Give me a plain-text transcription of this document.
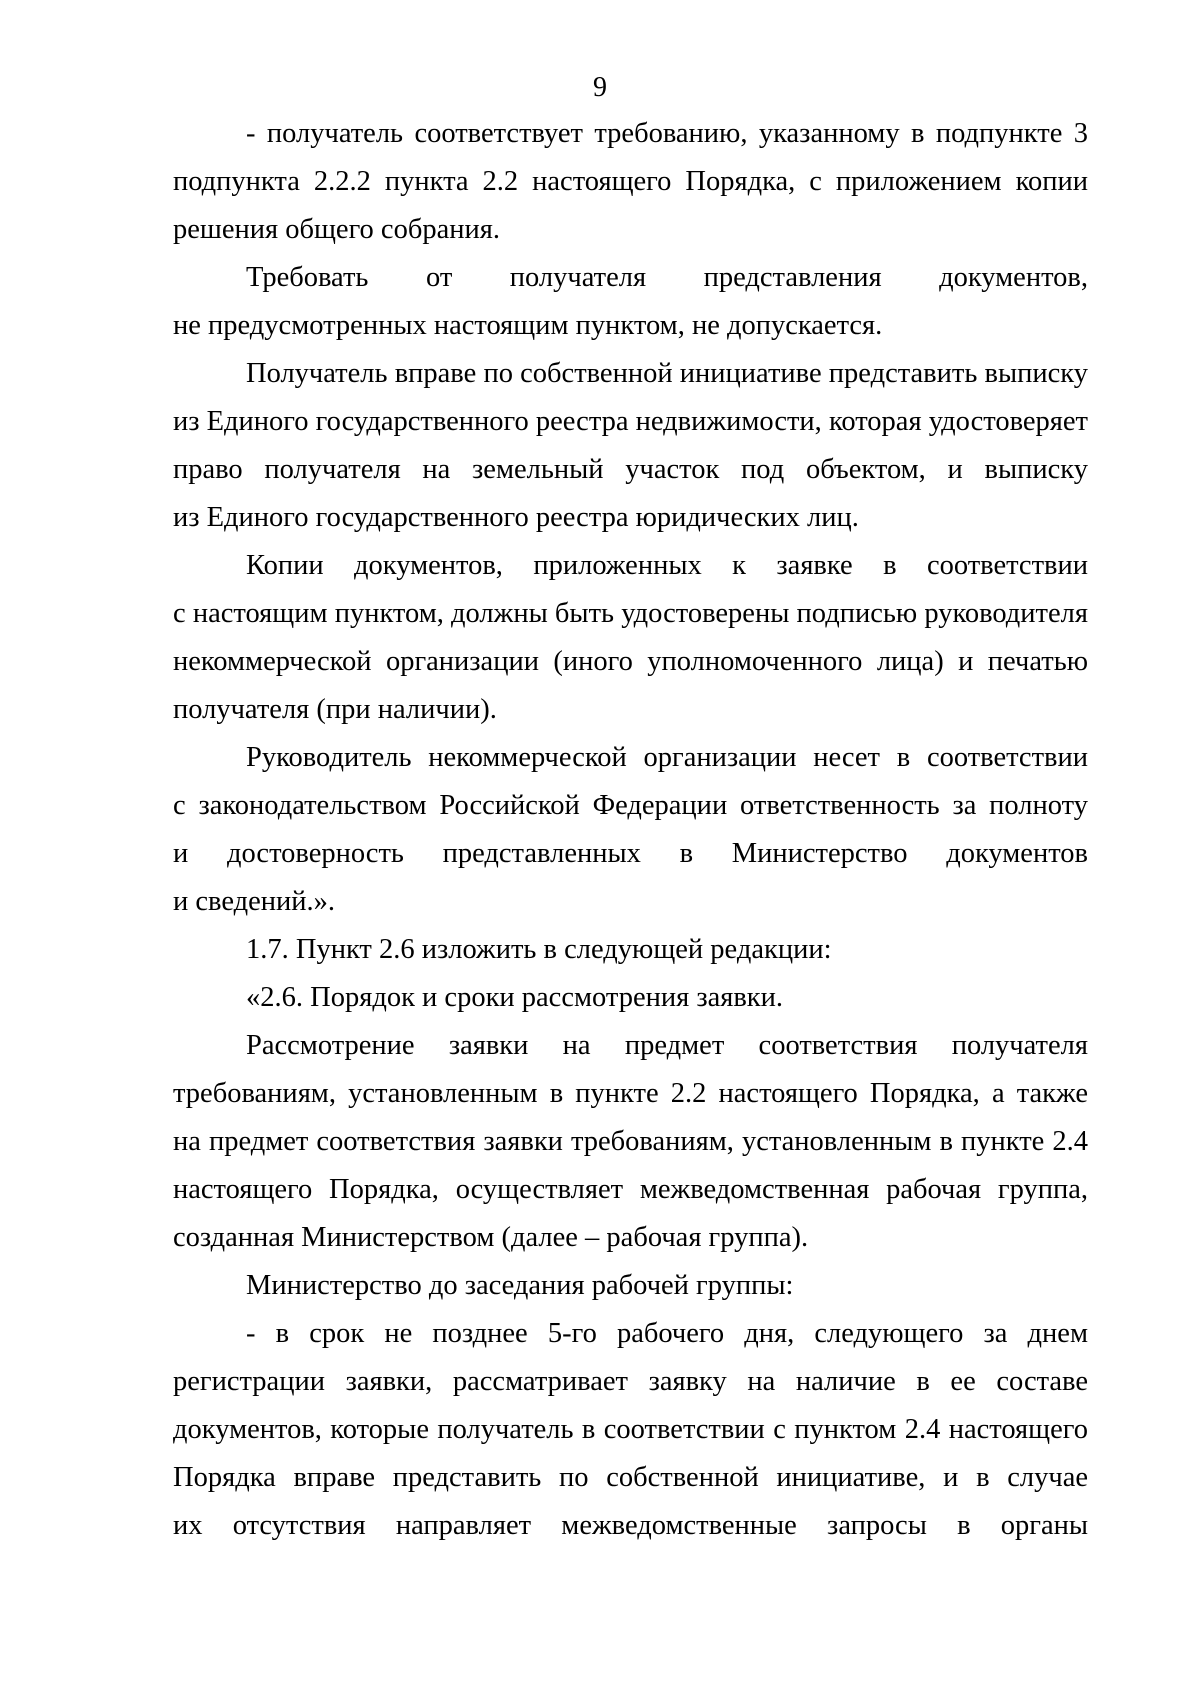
9
- получатель соответствует требованию, указанному в подпункте 3
подпункта 2.2.2 пункта 2.2 настоящего Порядка, с приложением копии
решения общего собрания.
Требовать от получателя представления документов,
не предусмотренных настоящим пунктом, не допускается.
Получатель вправе по собственной инициативе представить выписку
из Единого государственного реестра недвижимости, которая удостоверяет
право получателя на земельный участок под объектом, и выписку
из Единого государственного реестра юридических лиц.
Копии документов, приложенных к заявке в соответствии
с настоящим пунктом, должны быть удостоверены подписью руководителя
некоммерческой организации (иного уполномоченного лица) и печатью
получателя (при наличии).
Руководитель некоммерческой организации несет в соответствии
с законодательством Российской Федерации ответственность за полноту
и достоверность представленных в Министерство документов
и сведений.».
1.7. Пункт 2.6 изложить в следующей редакции:
«2.6. Порядок и сроки рассмотрения заявки.
Рассмотрение заявки на предмет соответствия получателя
требованиям, установленным в пункте 2.2 настоящего Порядка, а также
на предмет соответствия заявки требованиям, установленным в пункте 2.4
настоящего Порядка, осуществляет межведомственная рабочая группа,
созданная Министерством (далее – рабочая группа).
Министерство до заседания рабочей группы:
- в срок не позднее 5-го рабочего дня, следующего за днем
регистрации заявки, рассматривает заявку на наличие в ее составе
документов, которые получатель в соответствии с пунктом 2.4 настоящего
Порядка вправе представить по собственной инициативе, и в случае
их отсутствия направляет межведомственные запросы в органы
